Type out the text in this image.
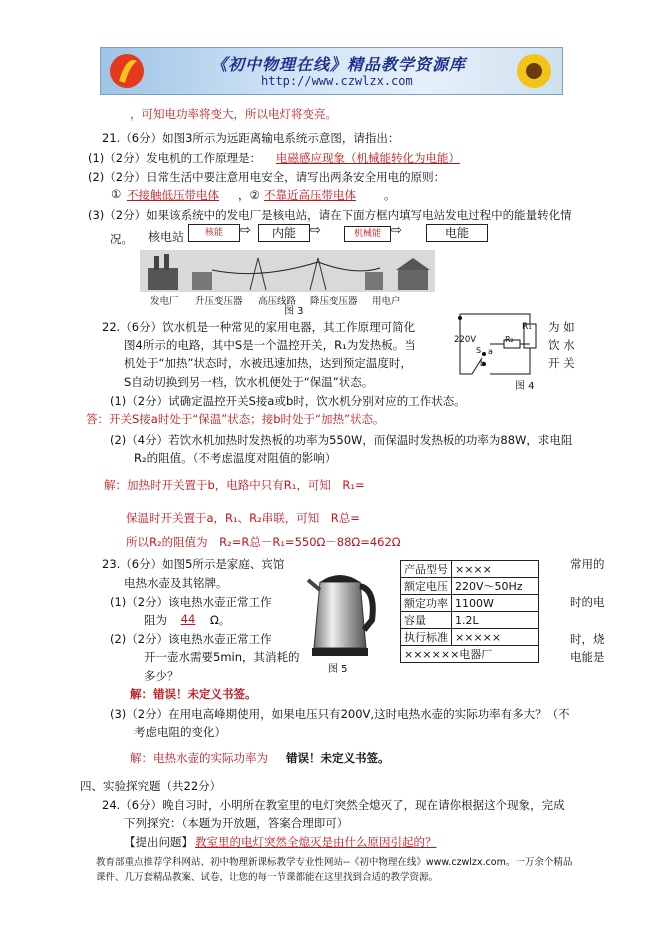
《初中物理在线》精品教学资源库
http://www.czwlzx.com
，可知电功率将变大，所以电灯将变亮。
21.（6分）如图3所示为远距离输电系统示意图，请指出：
(1)（2分）发电机的工作原理是： 电磁感应现象（机械能转化为电能）
(2)（2分）日常生活中要注意用电安全，请写出两条安全用电的原则：
① 不接触低压带电体 ，② 不靠近高压带电体 。
(3)（2分）如果该系统中的发电厂是核电站，请在下面方框内填写电站发电过程中的能量转化情
况。 核电站	核能	⇨	内能	⇨	机械能 ⇨	电能
发电厂 升压变压器 高压线路 降压变压器 用电户
图 3
22.（6分）饮水机是一种常见的家用电器，其工作原理可简化
图4所示的电路，其中S是一个温控开关，R₁为发热板。当
机处于“加热”状态时，水被迅速加热，达到预定温度时，
S自动切换到另一档，饮水机便处于“保温”状态。
为 如
饮 水
开 关
220V
R₁
R₂
S a
b
图 4
(1)（2分）试确定温控开关S接a或b时，饮水机分别对应的工作状态。
答：开关S接a时处于“保温”状态；接b时处于“加热”状态。
(2)（4分）若饮水机加热时发热板的功率为550W，而保温时发热板的功率为88W，求电阻
R₂的阻值。（不考虑温度对阻值的影响）
解：加热时开关置于b，电路中只有R₁，可知　R₁=
保温时开关置于a，R₁、R₂串联，可知　R总=
所以R₂的阻值为　R₂=R总－R₁=550Ω－88Ω=462Ω
23.（6分）如图5所示是家庭、宾馆	常用的
电热水壶及其铭牌。
(1)（2分）该电热水壶正常工作	时的电
阻为	44	Ω。
(2)（2分）该电热水壶正常工作	时，烧
开一壶水需要5min，其消耗的	电能是
多少？	图 5
产品型号	××××
额定电压	220V～50Hz
额定功率	1100W
容量	1.2L
执行标准	×××××
××××××电器厂	
解：错误！未定义书签。
(3)（2分）在用电高峰期使用，如果电压只有200V,这时电热水壶的实际功率有多大？（不
考虑电阻的变化）
解：电热水壶的实际功率为 错误！未定义书签。
四、实验探究题（共22分）
24.（6分）晚自习时，小明所在教室里的电灯突然全熄灭了，现在请你根据这个现象，完成
下列探究：（本题为开放题，答案合理即可）
【提出问题】 教室里的电灯突然全熄灭是由什么原因引起的？
教育部重点推荐学科网站、初中物理新课标教学专业性网站--《初中物理在线》www.czwlzx.com。一万余个精品课件、几万套精品教案、试卷，让您的每一节课都能在这里找到合适的教学资源。
